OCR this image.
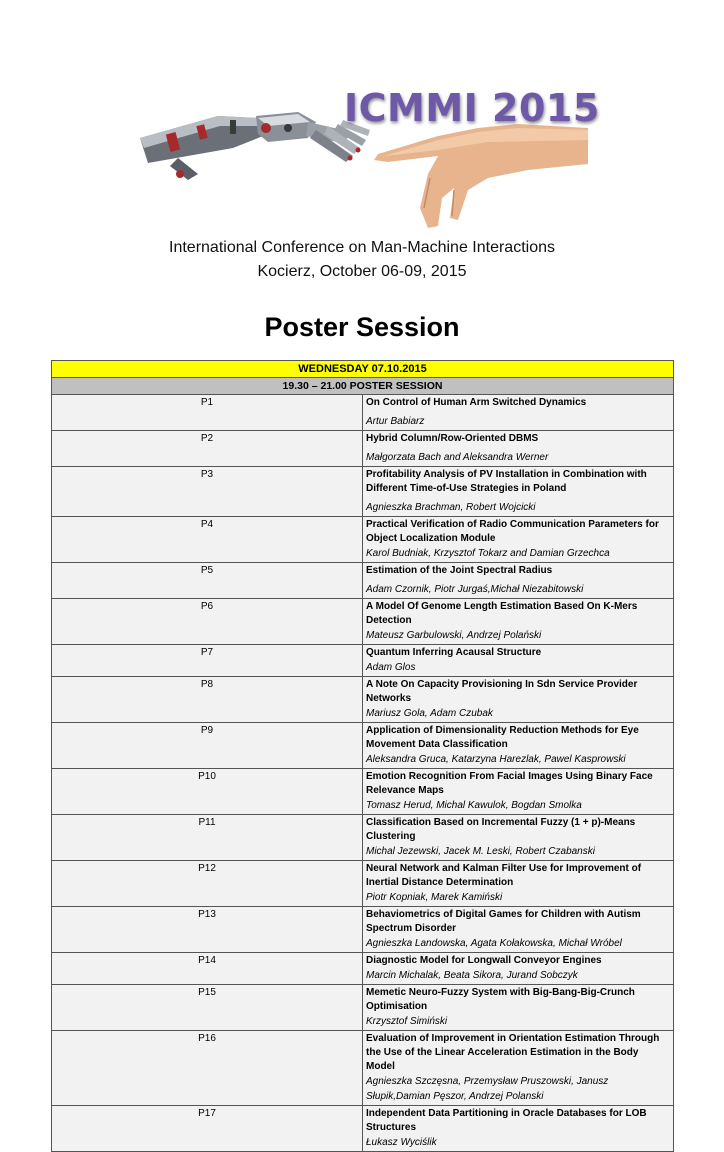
ICMMI 2015
International Conference on Man-Machine Interactions
Kocierz, October 06-09, 2015
Poster Session
WEDNESDAY 07.10.2015	
19.30 – 21.00 POSTER SESSION	
P1	On Control of Human Arm Switched Dynamics
Artur Babiarz

P2	Hybrid Column/Row-Oriented DBMS
Małgorzata Bach and Aleksandra Werner

P3	Profitability Analysis of PV Installation in Combination with Different Time-of-Use Strategies in Poland
Agnieszka Brachman, Robert Wojcicki

P4	Practical Verification of Radio Communication Parameters for Object Localization Module
Karol Budniak, Krzysztof Tokarz and Damian Grzechca

P5	Estimation of the Joint Spectral Radius
Adam Czornik, Piotr Jurgaś,Michał Niezabitowski

P6	A Model Of Genome Length Estimation Based On K-Mers Detection
Mateusz Garbulowski, Andrzej Polański

P7	Quantum Inferring Acausal Structure
Adam Glos

P8	A Note On Capacity Provisioning In Sdn Service Provider Networks
Mariusz Gola, Adam Czubak

P9	Application of Dimensionality Reduction Methods for Eye Movement Data Classification
Aleksandra Gruca, Katarzyna Harezlak, Pawel Kasprowski

P10	Emotion Recognition From Facial Images Using Binary Face Relevance Maps
Tomasz Herud, Michal Kawulok, Bogdan Smolka

P11	Classification Based on Incremental Fuzzy (1 + p)-Means Clustering
Michal Jezewski, Jacek M. Leski, Robert Czabanski

P12	Neural Network and Kalman Filter Use for Improvement of Inertial Distance Determination
Piotr Kopniak, Marek Kamiński

P13	Behaviometrics of Digital Games for Children with Autism Spectrum Disorder
Agnieszka Landowska, Agata Kołakowska, Michał Wróbel

P14	Diagnostic Model for Longwall Conveyor Engines
Marcin Michalak, Beata Sikora, Jurand Sobczyk

P15	Memetic Neuro-Fuzzy System with Big-Bang-Big-Crunch Optimisation
Krzysztof Simiński

P16	Evaluation of Improvement in Orientation Estimation Through the Use of the Linear Acceleration Estimation in the Body Model
Agnieszka Szczęsna, Przemysław Pruszowski, Janusz Słupik,Damian Pęszor, Andrzej Polanski

P17	Independent Data Partitioning in Oracle Databases for LOB Structures
Łukasz Wyciślik
